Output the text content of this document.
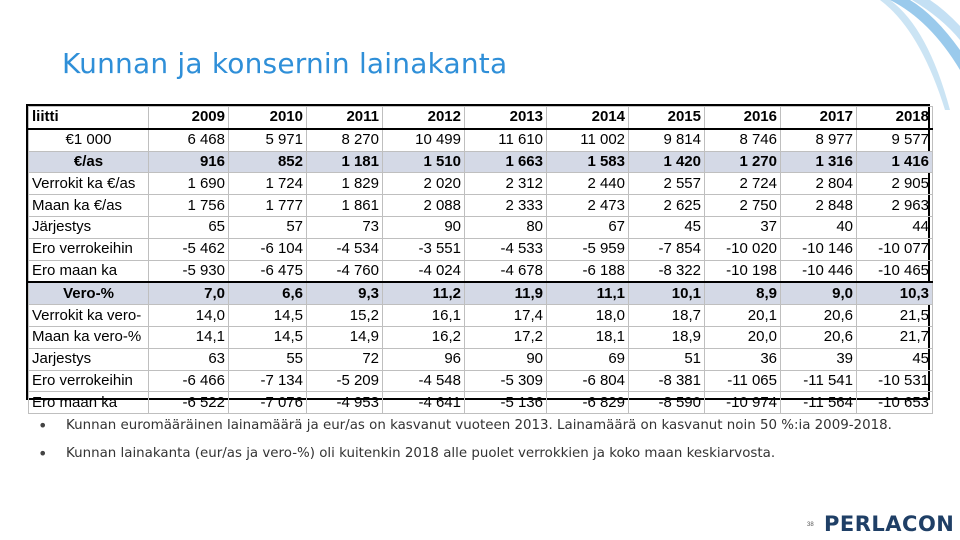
Kunnan ja konsernin lainakanta
liitti	2009	2010	2011	2012	2013	2014	2015	2016	2017	2018
€1 000	6 468	5 971	8 270	10 499	11 610	11 002	9 814	8 746	8 977	9 577
€/as	916	852	1 181	1 510	1 663	1 583	1 420	1 270	1 316	1 416
Verrokit ka €/as	1 690	1 724	1 829	2 020	2 312	2 440	2 557	2 724	2 804	2 905
Maan ka €/as	1 756	1 777	1 861	2 088	2 333	2 473	2 625	2 750	2 848	2 963
Järjestys	65	57	73	90	80	67	45	37	40	44
Ero verrokeihin	-5 462	-6 104	-4 534	-3 551	-4 533	-5 959	-7 854	-10 020	-10 146	-10 077
Ero maan ka	-5 930	-6 475	-4 760	-4 024	-4 678	-6 188	-8 322	-10 198	-10 446	-10 465
Vero-%	7,0	6,6	9,3	11,2	11,9	11,1	10,1	8,9	9,0	10,3
Verrokit ka vero-	14,0	14,5	15,2	16,1	17,4	18,0	18,7	20,1	20,6	21,5
Maan ka vero-%	14,1	14,5	14,9	16,2	17,2	18,1	18,9	20,0	20,6	21,7
Jarjestys	63	55	72	96	90	69	51	36	39	45
Ero verrokeihin	-6 466	-7 134	-5 209	-4 548	-5 309	-6 804	-8 381	-11 065	-11 541	-10 531
Ero maan ka	-6 522	-7 076	-4 953	-4 641	-5 136	-6 829	-8 590	-10 974	-11 564	-10 653
• Kunnan euromääräinen lainamäärä ja eur/as on kasvanut vuoteen 2013. Lainamäärä on kasvanut noin 50 %:ia 2009-2018.
• Kunnan lainakanta (eur/as ja vero-%) oli kuitenkin 2018 alle puolet verrokkien ja koko maan keskiarvosta.
38 PERLACON
